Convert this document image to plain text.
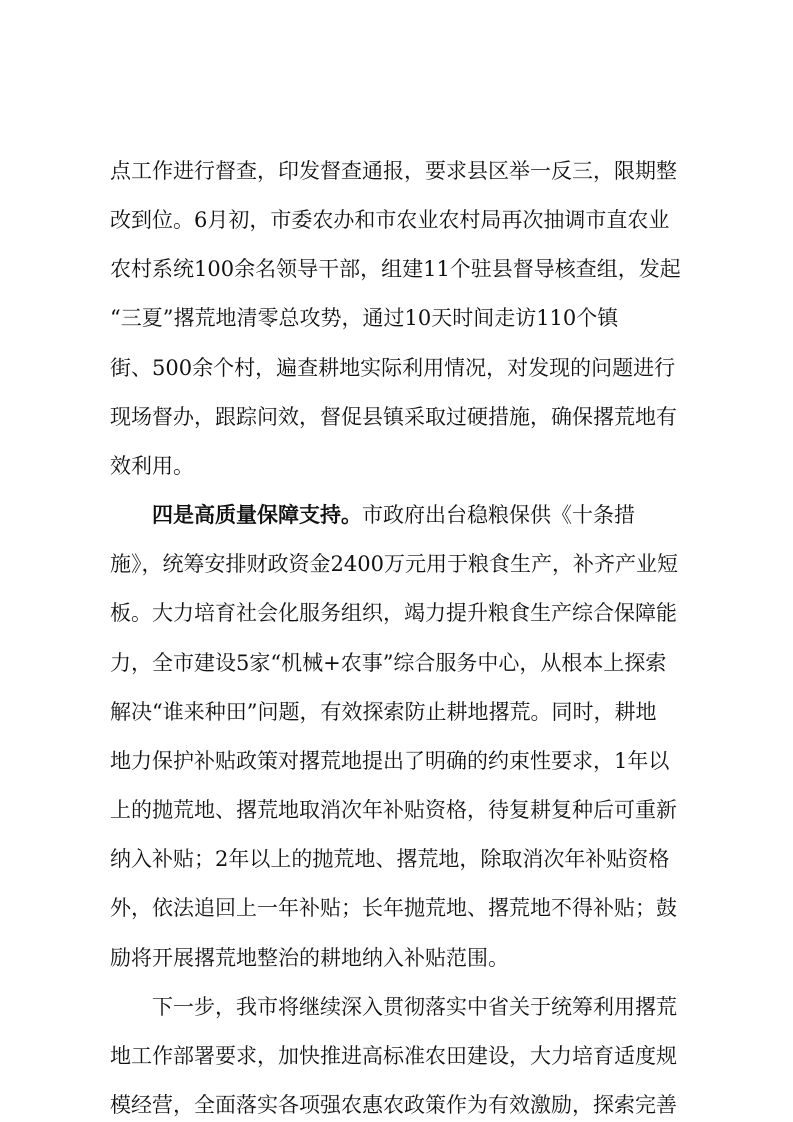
点工作进行督查，印发督查通报，要求县区举一反三，限期整
改到位。6月初，市委农办和市农业农村局再次抽调市直农业
农村系统100余名领导干部，组建11个驻县督导核查组，发起
“三夏”撂荒地清零总攻势，通过10天时间走访110个镇
街、500余个村，遍查耕地实际利用情况，对发现的问题进行
现场督办，跟踪问效，督促县镇采取过硬措施，确保撂荒地有
效利用。
四是高质量保障支持。市政府出台稳粮保供《十条措
施》，统筹安排财政资金2400万元用于粮食生产，补齐产业短
板。大力培育社会化服务组织，竭力提升粮食生产综合保障能
力，全市建设5家“机械+农事”综合服务中心，从根本上探索
解决“谁来种田”问题，有效探索防止耕地撂荒。同时，耕地
地力保护补贴政策对撂荒地提出了明确的约束性要求，1年以
上的抛荒地、撂荒地取消次年补贴资格，待复耕复种后可重新
纳入补贴；2年以上的抛荒地、撂荒地，除取消次年补贴资格
外，依法追回上一年补贴；长年抛荒地、撂荒地不得补贴；鼓
励将开展撂荒地整治的耕地纳入补贴范围。
下一步，我市将继续深入贯彻落实中省关于统筹利用撂荒
地工作部署要求，加快推进高标准农田建设，大力培育适度规
模经营，全面落实各项强农惠农政策作为有效激励，探索完善
